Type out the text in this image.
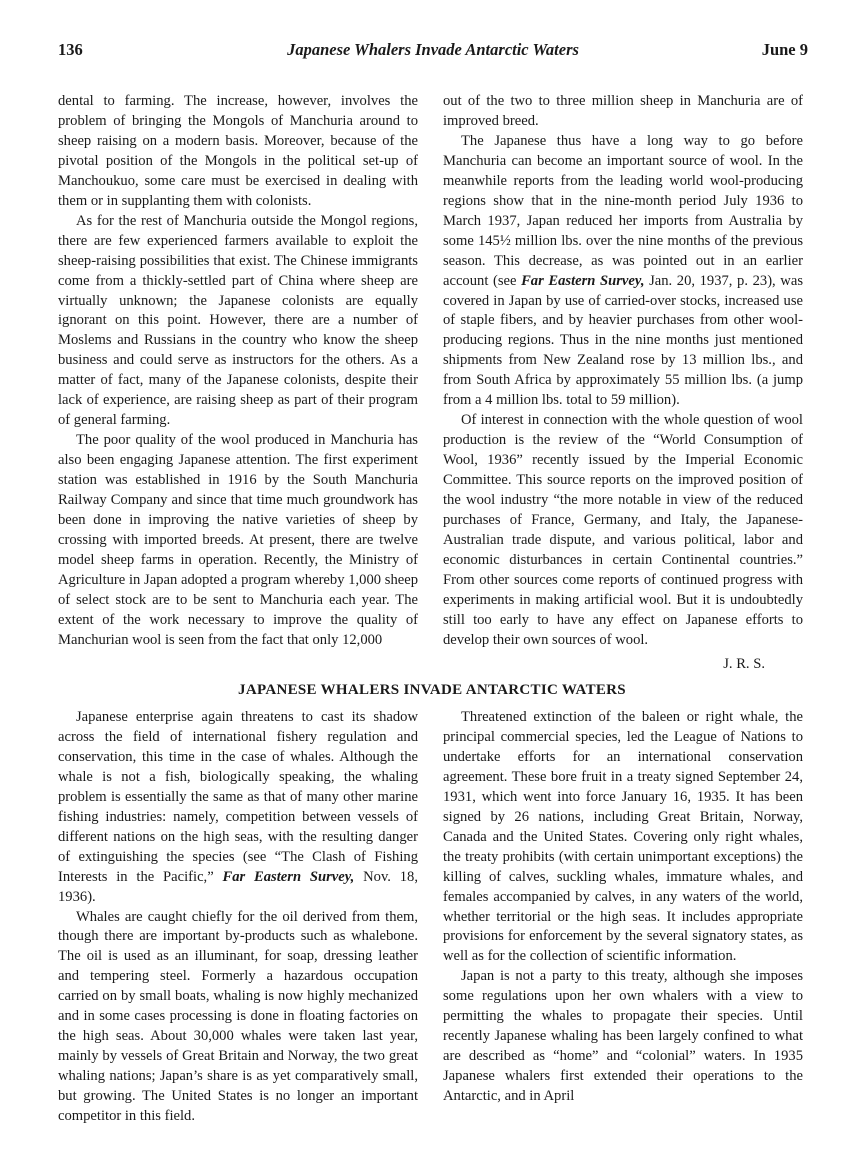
136	Japanese Whalers Invade Antarctic Waters	June 9

dental to farming. The increase, however, involves the problem of bringing the Mongols of Manchuria around to sheep raising on a modern basis. Moreover, because of the pivotal position of the Mongols in the political set-up of Manchoukuo, some care must be exercised in dealing with them or in supplanting them with colonists.

As for the rest of Manchuria outside the Mongol regions, there are few experienced farmers available to exploit the sheep-raising possibilities that exist. The Chinese immigrants come from a thickly-settled part of China where sheep are virtually unknown; the Japanese colonists are equally ignorant on this point. However, there are a number of Moslems and Russians in the country who know the sheep business and could serve as instructors for the others. As a matter of fact, many of the Japanese colonists, despite their lack of experience, are raising sheep as part of their program of general farming.

The poor quality of the wool produced in Manchuria has also been engaging Japanese attention. The first experiment station was established in 1916 by the South Manchuria Railway Company and since that time much groundwork has been done in improving the native varieties of sheep by crossing with imported breeds. At present, there are twelve model sheep farms in operation. Recently, the Ministry of Agriculture in Japan adopted a program whereby 1,000 sheep of select stock are to be sent to Manchuria each year. The extent of the work necessary to improve the quality of Manchurian wool is seen from the fact that only 12,000

out of the two to three million sheep in Manchuria are of improved breed.

The Japanese thus have a long way to go before Manchuria can become an important source of wool. In the meanwhile reports from the leading world wool-producing regions show that in the nine-month period July 1936 to March 1937, Japan reduced her imports from Australia by some 145½ million lbs. over the nine months of the previous season. This decrease, as was pointed out in an earlier account (see Far Eastern Survey, Jan. 20, 1937, p. 23), was covered in Japan by use of carried-over stocks, increased use of staple fibers, and by heavier purchases from other wool-producing regions. Thus in the nine months just mentioned shipments from New Zealand rose by 13 million lbs., and from South Africa by approximately 55 million lbs. (a jump from a 4 million lbs. total to 59 million).

Of interest in connection with the whole question of wool production is the review of the “World Consumption of Wool, 1936” recently issued by the Imperial Economic Committee. This source reports on the improved position of the wool industry “the more notable in view of the reduced purchases of France, Germany, and Italy, the Japanese-Australian trade dispute, and various political, labor and economic disturbances in certain Continental countries.” From other sources come reports of continued progress with experiments in making artificial wool. But it is undoubtedly still too early to have any effect on Japanese efforts to develop their own sources of wool.

J. R. S.
JAPANESE WHALERS INVADE ANTARCTIC WATERS

Japanese enterprise again threatens to cast its shadow across the field of international fishery regulation and conservation, this time in the case of whales. Although the whale is not a fish, biologically speaking, the whaling problem is essentially the same as that of many other marine fishing industries: namely, competition between vessels of different nations on the high seas, with the resulting danger of extinguishing the species (see “The Clash of Fishing Interests in the Pacific,” Far Eastern Survey, Nov. 18, 1936).

Whales are caught chiefly for the oil derived from them, though there are important by-products such as whalebone. The oil is used as an illuminant, for soap, dressing leather and tempering steel. Formerly a hazardous occupation carried on by small boats, whaling is now highly mechanized and in some cases processing is done in floating factories on the high seas. About 30,000 whales were taken last year, mainly by vessels of Great Britain and Norway, the two great whaling nations; Japan’s share is as yet comparatively small, but growing. The United States is no longer an important competitor in this field.

Threatened extinction of the baleen or right whale, the principal commercial species, led the League of Nations to undertake efforts for an international conservation agreement. These bore fruit in a treaty signed September 24, 1931, which went into force January 16, 1935. It has been signed by 26 nations, including Great Britain, Norway, Canada and the United States. Covering only right whales, the treaty prohibits (with certain unimportant exceptions) the killing of calves, suckling whales, immature whales, and females accompanied by calves, in any waters of the world, whether territorial or the high seas. It includes appropriate provisions for enforcement by the several signatory states, as well as for the collection of scientific information.

Japan is not a party to this treaty, although she imposes some regulations upon her own whalers with a view to permitting the whales to propagate their species. Until recently Japanese whaling has been largely confined to what are described as “home” and “colonial” waters. In 1935 Japanese whalers first extended their operations to the Antarctic, and in April
